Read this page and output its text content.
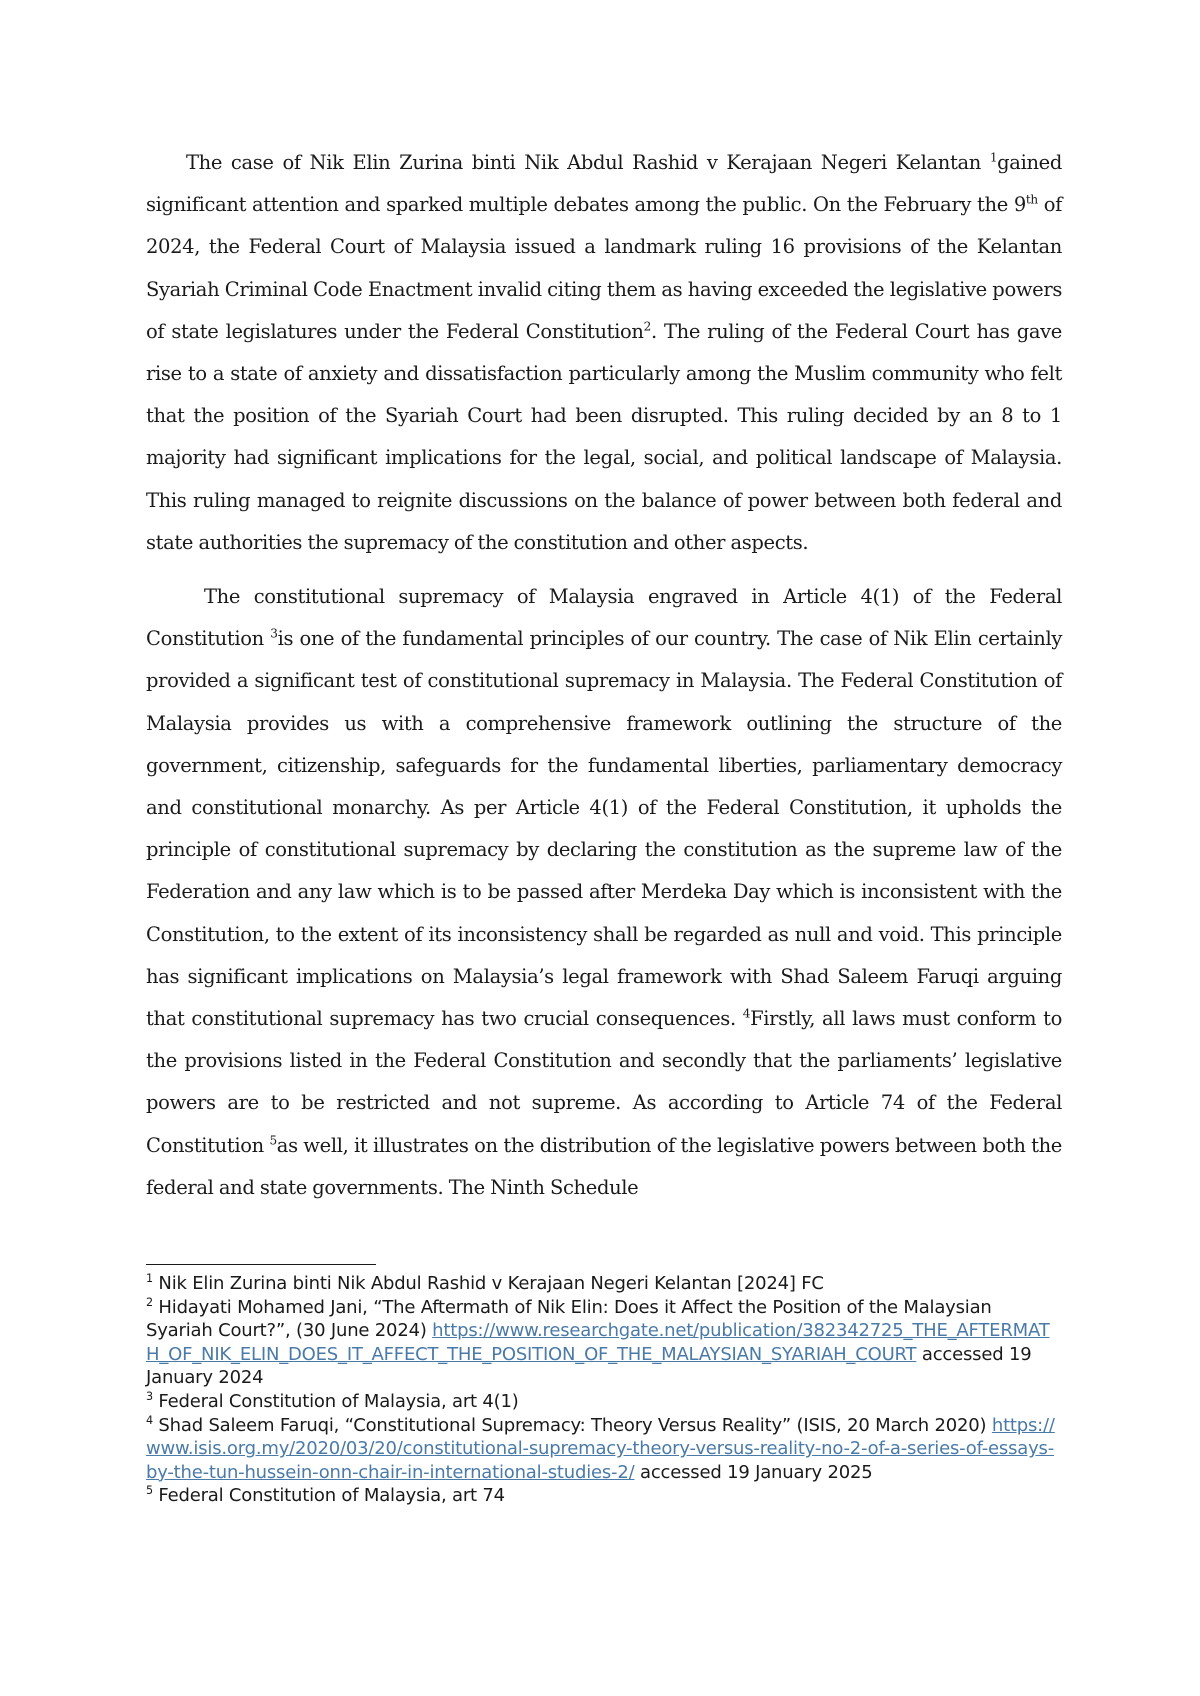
The case of Nik Elin Zurina binti Nik Abdul Rashid v Kerajaan Negeri Kelantan $^1$gained significant attention and sparked multiple debates among the public. On the February the 9th of 2024, the Federal Court of Malaysia issued a landmark ruling 16 provisions of the Kelantan Syariah Criminal Code Enactment invalid citing them as having exceeded the legislative powers of state legislatures under the Federal Constitution$^2$. The ruling of the Federal Court has gave rise to a state of anxiety and dissatisfaction particularly among the Muslim community who felt that the position of the Syariah Court had been disrupted. This ruling decided by an 8 to 1 majority had significant implications for the legal, social, and political landscape of Malaysia. This ruling managed to reignite discussions on the balance of power between both federal and state authorities the supremacy of the constitution and other aspects.

The constitutional supremacy of Malaysia engraved in Article 4(1) of the Federal Constitution $^3$is one of the fundamental principles of our country. The case of Nik Elin certainly provided a significant test of constitutional supremacy in Malaysia. The Federal Constitution of Malaysia provides us with a comprehensive framework outlining the structure of the government, citizenship, safeguards for the fundamental liberties, parliamentary democracy and constitutional monarchy. As per Article 4(1) of the Federal Constitution, it upholds the principle of constitutional supremacy by declaring the constitution as the supreme law of the Federation and any law which is to be passed after Merdeka Day which is inconsistent with the Constitution, to the extent of its inconsistency shall be regarded as null and void. This principle has significant implications on Malaysia’s legal framework with Shad Saleem Faruqi arguing that constitutional supremacy has two crucial consequences. $^4$Firstly, all laws must conform to the provisions listed in the Federal Constitution and secondly that the parliaments’ legislative powers are to be restricted and not supreme. As according to Article 74 of the Federal Constitution $^5$as well, it illustrates on the distribution of the legislative powers between both the federal and state governments. The Ninth Schedule

$^1$ Nik Elin Zurina binti Nik Abdul Rashid v Kerajaan Negeri Kelantan [2024] FC

$^2$ Hidayati Mohamed Jani, “The Aftermath of Nik Elin: Does it Affect the Position of the Malaysian Syariah Court?”, (30 June 2024) https://www.researchgate.net/publication/382342725_THE_AFTERMATH_OF_NIK_ELIN_DOES_IT_AFFECT_THE_POSITION_OF_THE_MALAYSIAN_SYARIAH_COURT accessed 19 January 2024

$^3$ Federal Constitution of Malaysia, art 4(1)

$^4$ Shad Saleem Faruqi, “Constitutional Supremacy: Theory Versus Reality” (ISIS, 20 March 2020) https://www.isis.org.my/2020/03/20/constitutional-supremacy-theory-versus-reality-no-2-of-a-series-of-essays-by-the-tun-hussein-onn-chair-in-international-studies-2/ accessed 19 January 2025

$^5$ Federal Constitution of Malaysia, art 74
